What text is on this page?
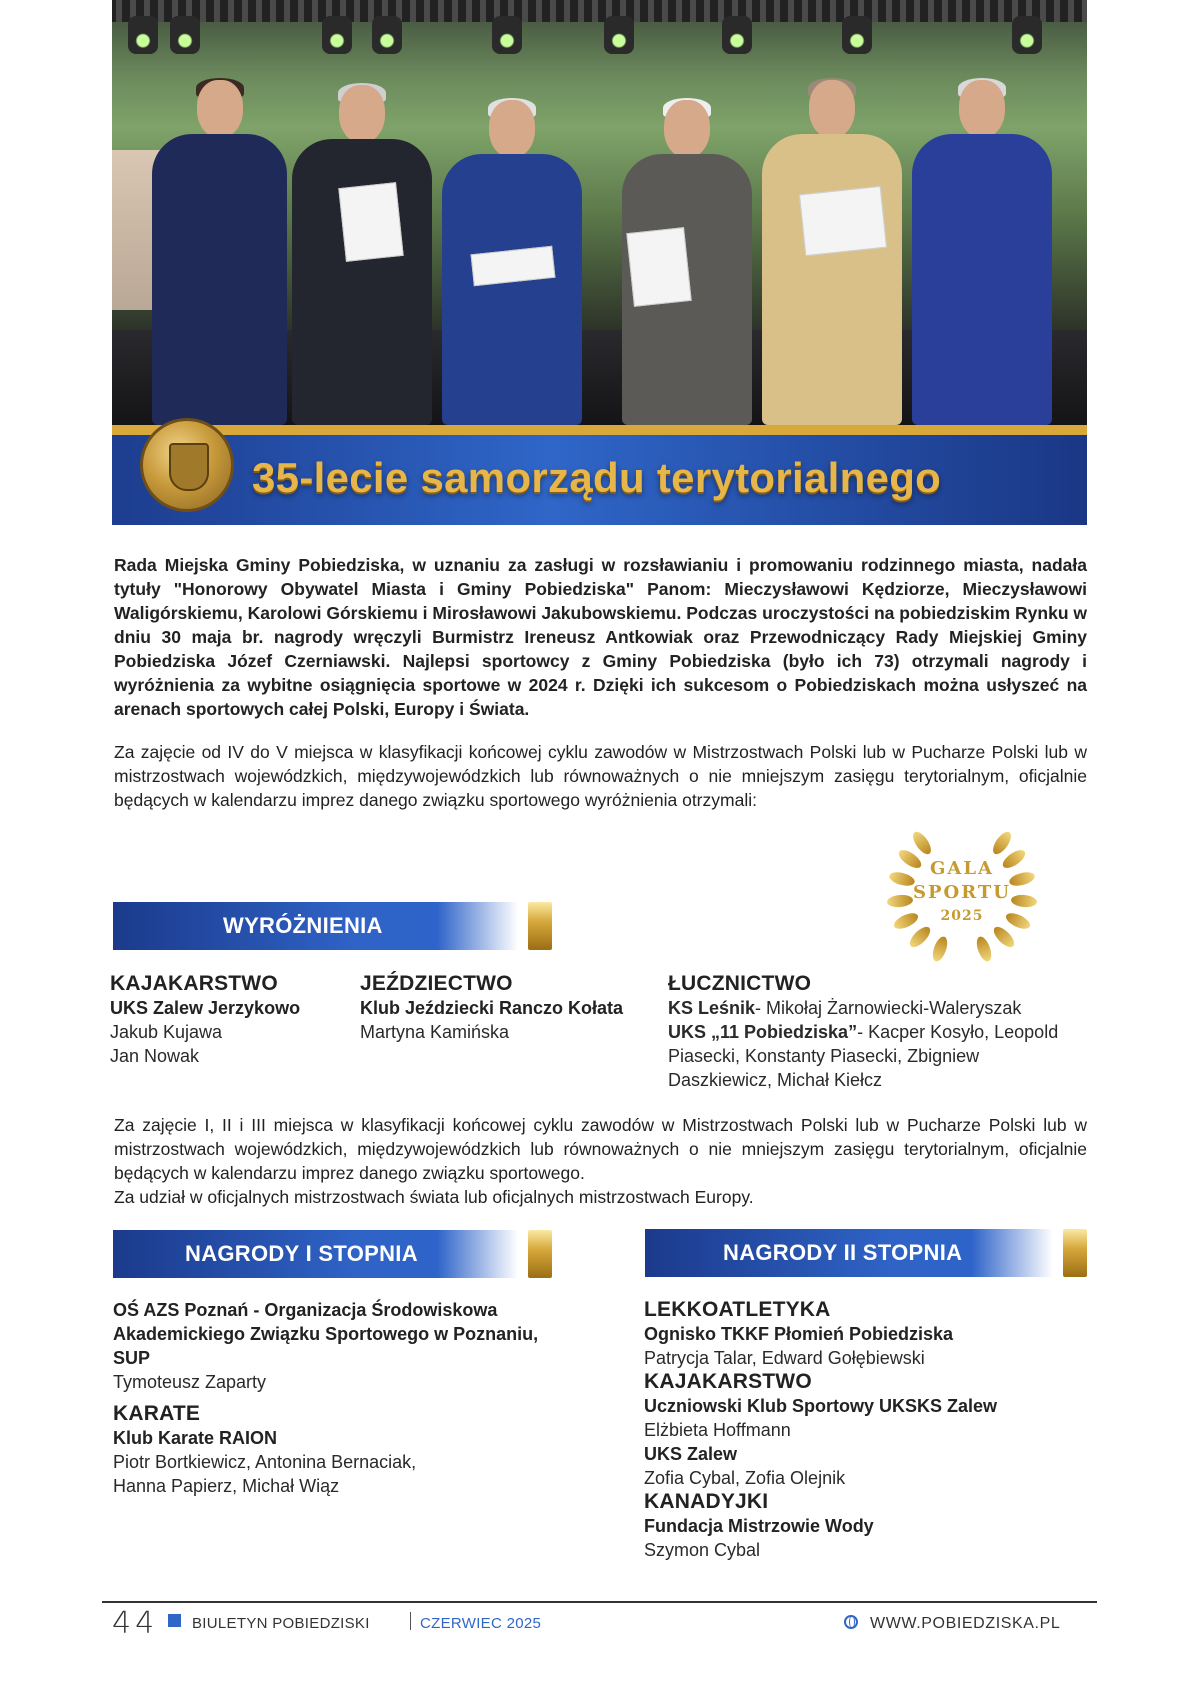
35-lecie samorządu terytorialnego
Rada Miejska Gminy Pobiedziska, w uznaniu za zasługi w rozsławianiu i promowaniu rodzinnego miasta, nadała tytuły "Honorowy Obywatel Miasta i Gminy Pobiedziska" Panom: Mieczysławowi Kędziorze, Mieczysławowi Waligórskiemu, Karolowi Górskiemu i Mirosławowi Jakubowskiemu. Podczas uroczystości na pobiedziskim Rynku w dniu 30 maja br. nagrody wręczyli Burmistrz Ireneusz Antkowiak oraz Przewodniczący Rady Miejskiej Gminy Pobiedziska Józef Czerniawski. Najlepsi sportowcy z Gminy Pobiedziska (było ich 73) otrzymali nagrody i wyróżnienia za wybitne osiągnięcia sportowe w 2024 r. Dzięki ich sukcesom o Pobiedziskach można usłyszeć na arenach sportowych całej Polski, Europy i Świata.
Za zajęcie od IV do V miejsca w klasyfikacji końcowej cyklu zawodów w Mistrzostwach Polski lub w Pucharze Polski lub w mistrzostwach wojewódzkich, międzywojewódzkich lub równoważnych o nie mniejszym zasięgu terytorialnym, oficjalnie będących w kalendarzu imprez danego związku sportowego wyróżnienia otrzymali:
GALA
SPORTU
2025
WYRÓŻNIENIA
KAJAKARSTWO
UKS Zalew Jerzykowo
Jakub Kujawa
Jan Nowak
JEŹDZIECTWO
Klub Jeździecki Ranczo Kołata
Martyna Kamińska
ŁUCZNICTWO
KS Leśnik- Mikołaj Żarnowiecki-Waleryszak
UKS „11 Pobiedziska”- Kacper Kosyło, Leopold Piasecki, Konstanty Piasecki, Zbigniew Daszkiewicz, Michał Kiełcz

Za zajęcie I, II i III miejsca w klasyfikacji końcowej cyklu zawodów w Mistrzostwach Polski lub w Pucharze Polski lub w mistrzostwach wojewódzkich, międzywojewódzkich lub równoważnych o nie mniejszym zasięgu terytorialnym, oficjalnie będących w kalendarzu imprez danego związku sportowego.

Za udział w oficjalnych mistrzostwach świata lub oficjalnych mistrzostwach Europy.

NAGRODY I STOPNIA
OŚ AZS Poznań - Organizacja Środowiskowa Akademickiego Związku Sportowego w Poznaniu, SUP
Tymoteusz Zaparty
KARATE
Klub Karate RAION
Piotr Bortkiewicz, Antonina Bernaciak,
Hanna Papierz, Michał Wiąz
NAGRODY II STOPNIA
LEKKOATLETYKA
Ognisko TKKF Płomień Pobiedziska
Patrycja Talar, Edward Gołębiewski
KAJAKARSTWO
Uczniowski Klub Sportowy UKSKS Zalew
Elżbieta Hoffmann
UKS Zalew
Zofia Cybal, Zofia Olejnik
KANADYJKI
Fundacja Mistrzowie Wody
Szymon Cybal
44 BIULETYN POBIEDZISKI	CZERWIEC 2025	WWW.POBIEDZISKA.PL
